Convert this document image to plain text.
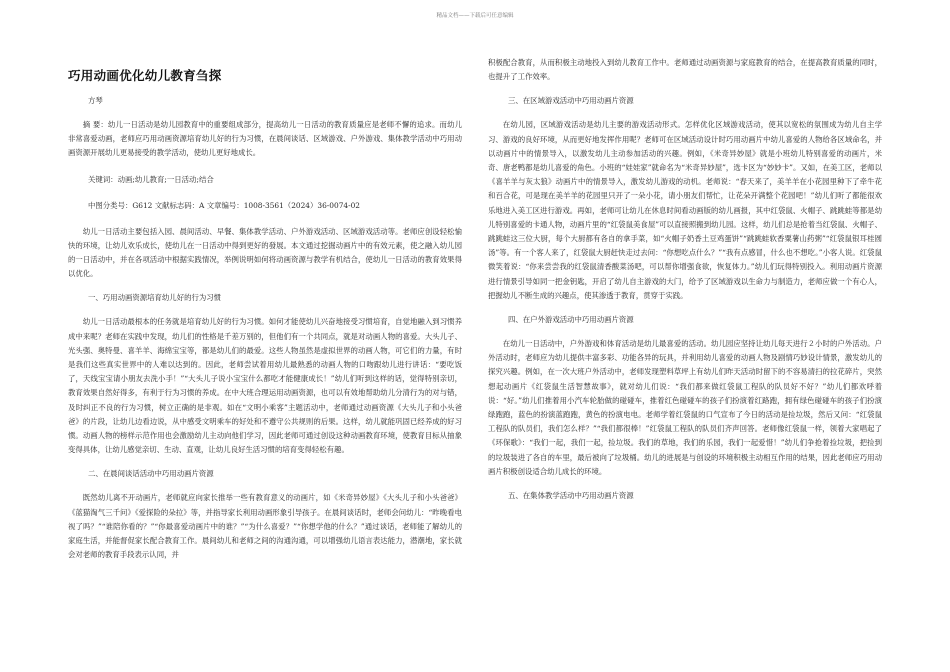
精品文档——下载后可任意编辑
巧用动画优化幼儿教育刍探
方琴

摘 要：幼儿一日活动是幼儿园教育中的重要组成部分，提高幼儿一日活动的教育质量应是老师不懈的追求。而幼儿非常喜爱动画，老师应巧用动画资源培育幼儿好的行为习惯，在晨间谈话、区域游戏、户外游戏、集体教学活动中巧用动画资源开展幼儿更易接受的教学活动，使幼儿更好地成长。

关键词：动画;幼儿教育;一日活动;结合

中图分类号：G612 文献标志码：A 文章编号：1008-3561（2024）36-0074-02

幼儿一日活动主要包括入园、晨间活动、早餐、集体教学活动、户外游戏活动、区域游戏活动等。老师应创设轻松愉快的环境，让幼儿欢乐成长，使幼儿在一日活动中得到更好的發展。本文通过挖掘动画片中的有效元素，使之融入幼儿园的一日活动中，并在各项活动中根据实践情况，举例说明如何将动画资源与教学有机结合，使幼儿一日活动的教育效果得以优化。

一、巧用动画资源培育幼儿好的行为习惯

幼儿一日活动最根本的任务就是培育幼儿好的行为习惯。如何才能使幼儿兴奋地接受习惯培育，自觉地融入到习惯养成中来呢？老师在实践中发现，幼儿们的性格是千差万别的，但他们有一个共同点，就是对动画人物的喜爱。大头儿子、光头强、奥特曼、喜羊羊、海绵宝宝等，都是幼儿们的最爱。这些人物虽然是虚拟世界的动画人物，可它们的力量，有时是我们这些真实世界中的人难以达到的。因此，老师尝试着用幼儿最熟悉的动画人物的口吻跟幼儿进行讲话：“要吃饭了，天线宝宝请小朋友去洗小手！”“大头儿子说小宝宝什么都吃才能健康成长！”幼儿们听到这样的话，觉得特别亲切，教育效果自然好得多，有利于行为习惯的养成。在中大班合理运用动画资源，也可以有效地帮助幼儿分清行为的对与错，及时纠正不良的行为习惯，树立正确的是非观。如在“文明小乘客”主题活动中，老师通过动画资源《大头儿子和小头爸爸》的片段，让幼儿边看边说，从中感受文明乘车的好处和不遵守公共规则的后果。这样，幼儿就能巩固已经养成的好习惯。动画人物的榜样示范作用也会激励幼儿主动向他们学习，因此老师可通过创设这种动画教育环境，使教育目标从抽象变得具体，让幼儿感觉亲切、生动、直观，让幼儿良好生活习惯的培育变得轻松有趣。

二、在晨间谈话活动中巧用动画片资源

既然幼儿离不开动画片，老师就应向家长推举一些有教育意义的动画片，如《米奇异妙屋》《大头儿子和小头爸爸》《蓝猫淘气三千问》《爱探险的朵拉》等，并指导家长利用动画形象引导孩子。在晨间谈话时，老师会问幼儿：“昨晚看电视了吗？”“谁陪你看的？”“你最喜爱动画片中的谁？”“为什么喜爱？”“你想学他的什么？”通过谈话，老师能了解幼儿的家庭生活，并能督促家长配合教育工作。晨间幼儿和老师之间的沟通沟通，可以增强幼儿语言表达能力，潜潮地，家长就会对老师的教育手段表示认同，并

积极配合教育，从而积极主动地投入到幼儿教育工作中。老师通过动画资源与家庭教育的结合，在提高教育质量的同时，也提升了工作效率。

三、在区域游戏活动中巧用动画片资源

在幼儿园，区域游戏活动是幼儿主要的游戏活动形式。怎样优化区域游戏活动，使其以宽松的氛围成为幼儿自主学习、游戏的良好环境，从而更好地发挥作用呢？老师可在区域活动设计时巧用动画片中幼儿喜爱的人物给各区域命名，并以动画片中的情景导入，以激发幼儿主动参加活动的兴趣。例如，《米奇异妙屋》就是小班幼儿特别喜爱的动画片，米奇、唐老鸭都是幼儿喜爱的角色。小班的“娃娃家”就命名为“米奇异妙屋”，选卡区为“妙妙卡”。又如，在美工区，老师以《喜羊羊与灰太狼》动画片中的情景导入，激发幼儿游戏的动机。老师说：“春天来了，美羊羊在小花园里种下了牵牛花和百合花，可是现在美羊羊的花园里只开了一朵小花，请小朋友们帮忙，让花朵开满整个花园吧！”幼儿们听了都能很欢乐地进入美工区进行游戏。再如，老师可让幼儿在休息时间看动画版的幼儿画报，其中红袋鼠、火帽子、跳跳蛙等都是幼儿特别喜爱的卡通人物，动画片里的“红袋鼠美食屋”可以直接照搬到幼儿园。这样，幼儿们总是抢着当红袋鼠、火帽子、跳跳蛙这三位大厨，每个大厨都有各自的拿手菜，如“火帽子奶香土豆鸡蛋饼”“跳跳蛙软香粟薯山药粥”“红袋鼠银耳桂圆汤”等。有一个客人来了，红袋鼠大厨赶快走过去问：“你想吃点什么？”“我有点感冒，什么也不想吃。”小客人说。红袋鼠微笑着说：“你来尝尝我的红袋鼠清香酸菜汤吧，可以帮你增强食欲，恢复体力。”幼儿们玩得特别投入。利用动画片资源进行情景引导如同一把金钥匙，开启了幼儿自主游戏的大门，给予了区域游戏以生命力与制造力，老师应做一个有心人，把握幼儿不断生成的兴趣点，使其渗透于教育，贯穿于实践。

四、在户外游戏活动中巧用动画片资源

在幼儿一日活动中，户外游戏和体育活动是幼儿最喜爱的活动。幼儿园应坚持让幼儿每天进行２小时的户外活动。户外活动时，老师应为幼儿提供丰富多彩、功能各异的玩具，并利用幼儿喜爱的动画人物及剧情巧妙设计情景，激发幼儿的探究兴趣。例如，在一次大班户外活动中，老师发现塑料草坪上有幼儿们昨天活动时留下的不容易清扫的拉花碎片，突然想起动画片《红袋鼠生活智慧故事》，就对幼儿们说：“我们都来做红袋鼠工程队的队员好不好？”幼儿们都欢呼着说：“好。”幼儿们推着用小汽车轮胎做的碰碰车，推着红色碰碰车的孩子们扮演着红路跑，拥有绿色碰碰车的孩子们扮演绿跑跑，蓝色的扮演蓝跑跑，黄色的扮演电电。老师学着红袋鼠的口气宣布了今日的活动是捡垃圾，然后又问：“红袋鼠工程队的队员们，我们怎么样？”“我们都很棒！”红袋鼠工程队的队员们齐声回答。老师像红袋鼠一样，领着大家唱起了《环保歌》：“我们一起，我们一起，捡垃圾。我们的草地，我们的乐园，我们一起爱惜！”幼儿们争抢着捡垃圾，把捡到的垃圾装进了各自的车里，最后被向了垃圾桶。幼儿的进展是与创设的环境积极主动相互作用的结果，因此老师应巧用动画片积极创设适合幼儿成长的环境。

五、在集体教学活动中巧用动画片资源
